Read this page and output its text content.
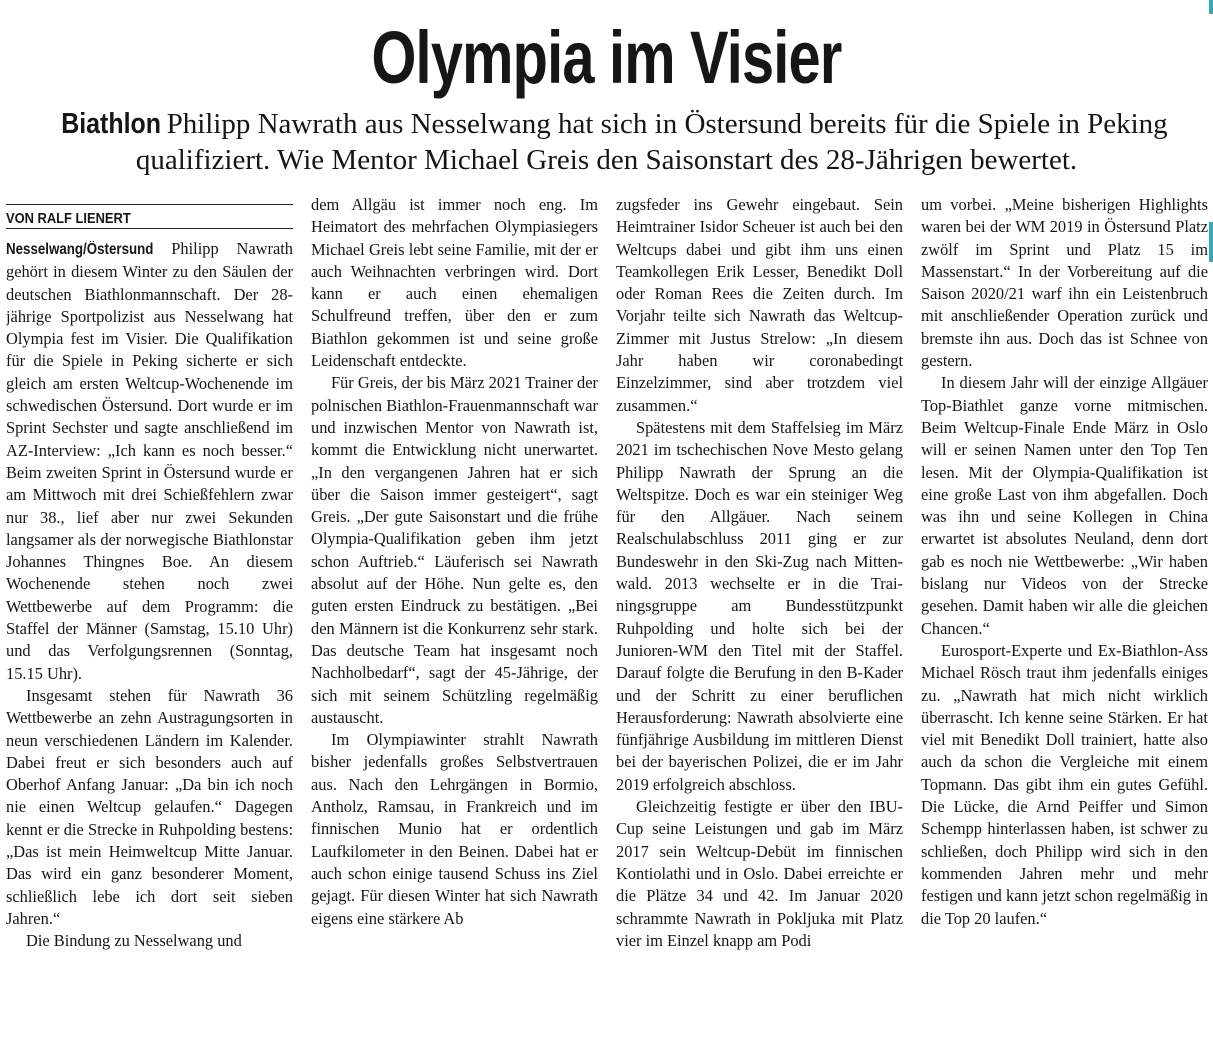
Olympia im Visier

Biathlon Philipp Nawrath aus Nesselwang hat sich in Östersund bereits für die Spiele in Peking qualifiziert. Wie Mentor Michael Greis den Saisonstart des 28-Jährigen bewertet.

VON RALF LIENERT

Nesselwang/Östersund Philipp Nawrath gehört in diesem Winter zu den Säulen der deutschen Biathlonmannschaft. Der 28-jährige Sportpolizist aus Nesselwang hat Olympia fest im Visier. Die Qualifikation für die Spiele in Peking sicherte er sich gleich am ersten Weltcup-Wochenende im schwedischen Östersund. Dort wurde er im Sprint Sechster und sagte anschließend im AZ-Interview: „Ich kann es noch besser.“ Beim zweiten Sprint in Östersund wurde er am Mittwoch mit drei Schießfehlern zwar nur 38., lief aber nur zwei Sekunden langsamer als der norwegische Biathlonstar Johannes Thingnes Boe. An diesem Wochenende stehen noch zwei Wettbewerbe auf dem Programm: die Staffel der Männer (Samstag, 15.10 Uhr) und das Verfolgungsrennen (Sonntag, 15.15 Uhr).

Insgesamt stehen für Nawrath 36 Wettbewerbe an zehn Austragungsorten in neun verschiedenen Ländern im Kalender. Dabei freut er sich besonders auch auf Oberhof Anfang Januar: „Da bin ich noch nie einen Weltcup gelaufen.“ Dagegen kennt er die Strecke in Ruhpolding bestens: „Das ist mein Heimweltcup Mitte Januar. Das wird ein ganz besonderer Moment, schließlich lebe ich dort seit sieben Jahren.“

Die Bindung zu Nesselwang und

dem Allgäu ist immer noch eng. Im Heimatort des mehrfachen Olympiasiegers Michael Greis lebt seine Familie, mit der er auch Weihnachten verbringen wird. Dort kann er auch einen ehemaligen Schulfreund treffen, über den er zum Biathlon gekommen ist und seine große Leidenschaft entdeckte.

Für Greis, der bis März 2021 Trainer der polnischen Biathlon-Frauenmannschaft war und inzwischen Mentor von Nawrath ist, kommt die Entwicklung nicht unerwartet. „In den vergangenen Jahren hat er sich über die Saison immer gesteigert“, sagt Greis. „Der gute Saisonstart und die frühe Olympia-Qualifikation geben ihm jetzt schon Auftrieb.“ Läuferisch sei Nawrath absolut auf der Höhe. Nun gelte es, den guten ersten Eindruck zu bestätigen. „Bei den Männern ist die Konkurrenz sehr stark. Das deutsche Team hat insgesamt noch Nachholbedarf“, sagt der 45-Jährige, der sich mit seinem Schützling regelmäßig austauscht.

Im Olympiawinter strahlt Nawrath bisher jedenfalls großes Selbstvertrauen aus. Nach den Lehrgängen in Bormio, Antholz, Ramsau, in Frankreich und im finnischen Munio hat er ordentlich Laufkilometer in den Beinen. Dabei hat er auch schon einige tausend Schuss ins Ziel gejagt. Für diesen Winter hat sich Nawrath eigens eine stärkere Ab

zugsfeder ins Gewehr eingebaut. Sein Heimtrainer Isidor Scheuer ist auch bei den Weltcups dabei und gibt ihm uns einen Teamkollegen Erik Lesser, Benedikt Doll oder Roman Rees die Zeiten durch. Im Vorjahr teilte sich Nawrath das Weltcup-Zimmer mit Justus Strelow: „In diesem Jahr haben wir coronabedingt Einzelzimmer, sind aber trotzdem viel zusammen.“

Spätestens mit dem Staffelsieg im März 2021 im tschechischen Nove Mesto gelang Philipp Nawrath der Sprung an die Weltspitze. Doch es war ein steiniger Weg für den Allgäuer. Nach seinem Realschulabschluss 2011 ging er zur Bundeswehr in den Ski-Zug nach Mittenwald. 2013 wechselte er in die Trainingsgruppe am Bundesstützpunkt Ruhpolding und holte sich bei der Junioren-WM den Titel mit der Staffel. Darauf folgte die Berufung in den B-Kader und der Schritt zu einer beruflichen Herausforderung: Nawrath absolvierte eine fünfjährige Ausbildung im mittleren Dienst bei der bayerischen Polizei, die er im Jahr 2019 erfolgreich abschloss.

Gleichzeitig festigte er über den IBU-Cup seine Leistungen und gab im März 2017 sein Weltcup-Debüt im finnischen Kontiolathi und in Oslo. Dabei erreichte er die Plätze 34 und 42. Im Januar 2020 schrammte Nawrath in Pokljuka mit Platz vier im Einzel knapp am Podi

um vorbei. „Meine bisherigen Highlights waren bei der WM 2019 in Östersund Platz zwölf im Sprint und Platz 15 im Massenstart.“ In der Vorbereitung auf die Saison 2020/21 warf ihn ein Leistenbruch mit anschließender Operation zurück und bremste ihn aus. Doch das ist Schnee von gestern.

In diesem Jahr will der einzige Allgäuer Top-Biathlet ganze vorne mitmischen. Beim Weltcup-Finale Ende März in Oslo will er seinen Namen unter den Top Ten lesen. Mit der Olympia-Qualifikation ist eine große Last von ihm abgefallen. Doch was ihn und seine Kollegen in China erwartet ist absolutes Neuland, denn dort gab es noch nie Wettbewerbe: „Wir haben bislang nur Videos von der Strecke gesehen. Damit haben wir alle die gleichen Chancen.“

Eurosport-Experte und Ex-Biathlon-Ass Michael Rösch traut ihm jedenfalls einiges zu. „Nawrath hat mich nicht wirklich überrascht. Ich kenne seine Stärken. Er hat viel mit Benedikt Doll trainiert, hatte also auch da schon die Vergleiche mit einem Topmann. Das gibt ihm ein gutes Gefühl. Die Lücke, die Arnd Peiffer und Simon Schempp hinterlassen haben, ist schwer zu schließen, doch Philipp wird sich in den kommenden Jahren mehr und mehr festigen und kann jetzt schon regelmäßig in die Top 20 laufen.“
